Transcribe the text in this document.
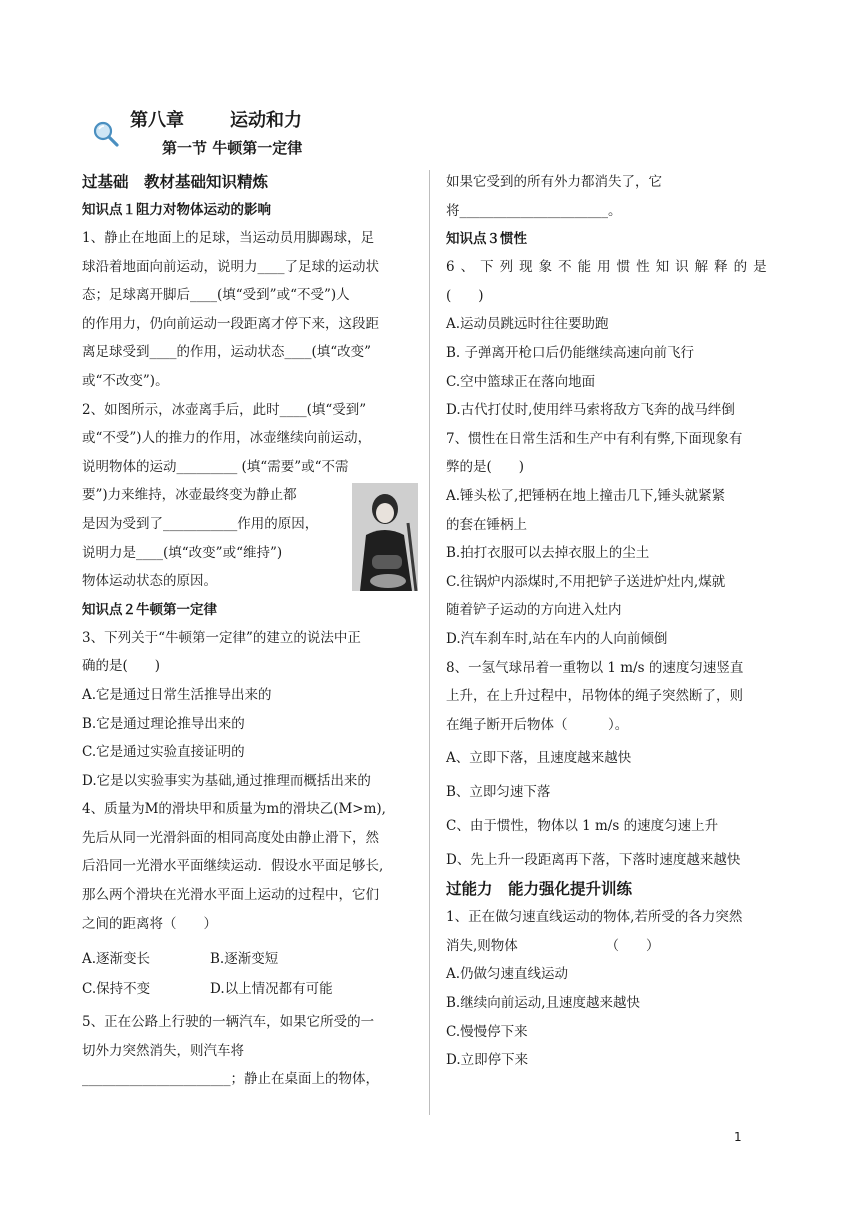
第八章	运动和力
第一节 牛顿第一定律
过基础　教材基础知识精炼
知识点１阻力对物体运动的影响
1、静止在地面上的足球，当运动员用脚踢球，足
球沿着地面向前运动，说明力____了足球的运动状
态；足球离开脚后____(填“受到”或“不受”)人
的作用力，仍向前运动一段距离才停下来，这段距
离足球受到____的作用，运动状态____(填“改变”
或“不改变”)。
2、如图所示，冰壶离手后，此时____(填“受到”
或“不受”)人的推力的作用，冰壶继续向前运动，
说明物体的运动_________ (填“需要”或“不需
要”)力来维持，冰壶最终变为静止都
是因为受到了___________作用的原因，
说明力是____(填“改变”或“维持”)
物体运动状态的原因。
知识点２牛顿第一定律
3、下列关于“牛顿第一定律”的建立的说法中正
确的是(　　)
A.它是通过日常生活推导出来的
B.它是通过理论推导出来的
C.它是通过实验直接证明的
D.它是以实验事实为基础,通过推理而概括出来的
4、质量为M的滑块甲和质量为m的滑块乙(M>m),
先后从同一光滑斜面的相同高度处由静止滑下，然
后沿同一光滑水平面继续运动．假设水平面足够长,
那么两个滑块在光滑水平面上运动的过程中，它们
之间的距离将（　　）
A.逐渐变长	B.逐渐变短
C.保持不变	D.以上情况都有可能
5、正在公路上行驶的一辆汽车，如果它所受的一
切外力突然消失，则汽车将
______________________；静止在桌面上的物体，
如果它受到的所有外力都消失了，它
将______________________。
知识点３惯性
6、下列现象不能用惯性知识解释的是
(　　)
A.运动员跳远时往往要助跑
B. 子弹离开枪口后仍能继续高速向前飞行
C.空中篮球正在落向地面
D.古代打仗时,使用绊马索将敌方飞奔的战马绊倒
7、惯性在日常生活和生产中有利有弊,下面现象有
弊的是(　　)
A.锤头松了,把锤柄在地上撞击几下,锤头就紧紧
的套在锤柄上
B.拍打衣服可以去掉衣服上的尘土
C.往锅炉内添煤时,不用把铲子送进炉灶内,煤就
随着铲子运动的方向进入灶内
D.汽车刹车时,站在车内的人向前倾倒
8、一氢气球吊着一重物以 1 m/s 的速度匀速竖直
上升，在上升过程中，吊物体的绳子突然断了，则
在绳子断开后物体（　　　）。
A、立即下落，且速度越来越快
B、立即匀速下落
C、由于惯性，物体以 1 m/s 的速度匀速上升
D、先上升一段距离再下落，下落时速度越来越快
过能力　能力强化提升训练
1、正在做匀速直线运动的物体,若所受的各力突然
消失,则物体　　　　　　　（　　）
A.仍做匀速直线运动
B.继续向前运动,且速度越来越快
C.慢慢停下来
D.立即停下来
1
